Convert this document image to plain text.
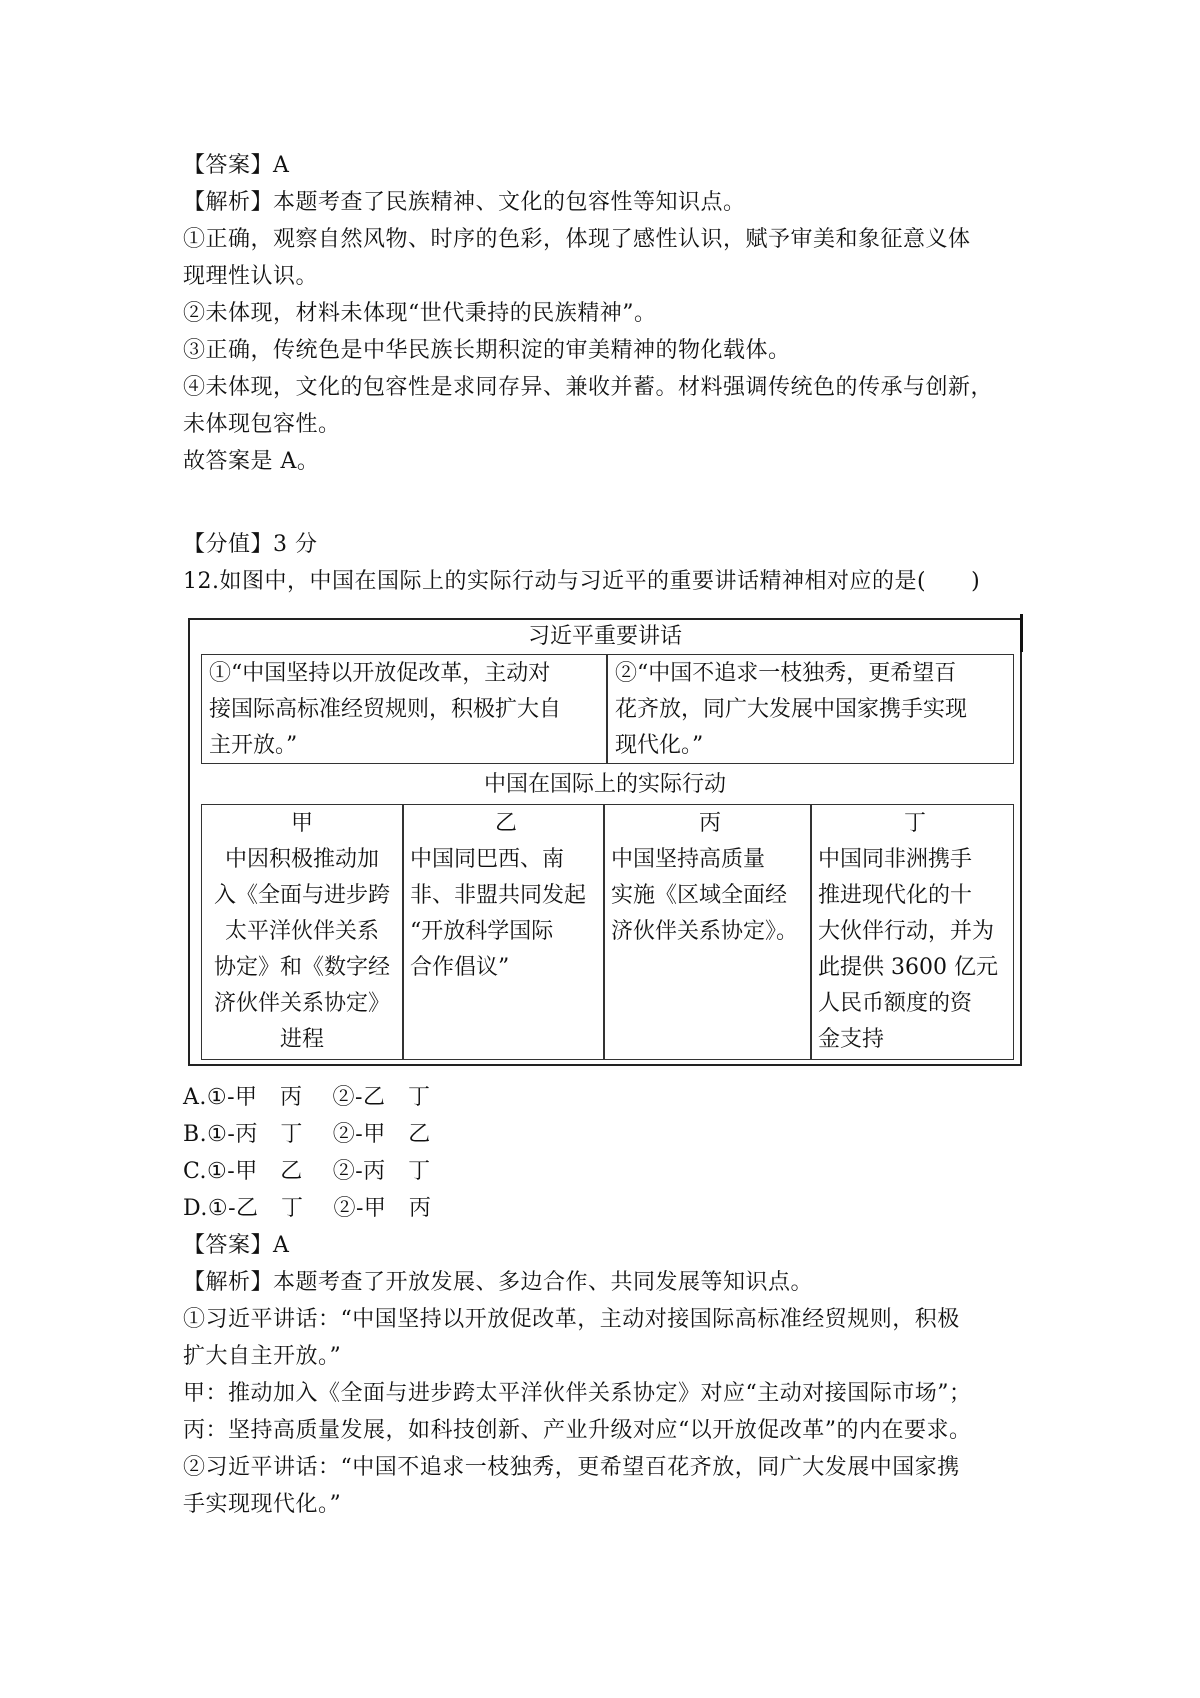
【答案】A
【解析】本题考查了民族精神、文化的包容性等知识点。
①正确，观察自然风物、时序的色彩，体现了感性认识，赋予审美和象征意义体
现理性认识。
②未体现，材料未体现“世代秉持的民族精神”。
③正确，传统色是中华民族长期积淀的审美精神的物化载体。
④未体现，文化的包容性是求同存异、兼收并蓄。材料强调传统色的传承与创新，
未体现包容性。
故答案是 A。
【分值】3 分
12.如图中，中国在国际上的实际行动与习近平的重要讲话精神相对应的是(　　)
习近平重要讲话
①“中国坚持以开放促改革，主动对
接国际高标准经贸规则，积极扩大自
主开放。”
②“中国不追求一枝独秀，更希望百
花齐放，同广大发展中国家携手实现
现代化。”
中国在国际上的实际行动
甲
中因积极推动加
入《全面与进步跨
太平洋伙伴关系
协定》和《数字经
济伙伴关系协定》
进程
乙
中国同巴西、南
非、非盟共同发起
“开放科学国际
合作倡议”
丙
中国坚持高质量
实施《区域全面经
济伙伴关系协定》。
丁
中国同非洲携手
推进现代化的十
大伙伴行动，并为
此提供 3600 亿元
人民币额度的资
金支持
A.①-甲　丙　 ②-乙　丁
B.①-丙　丁　 ②-甲　乙
C.①-甲　乙　 ②-丙　丁
D.①-乙　丁　 ②-甲　丙
【答案】A
【解析】本题考查了开放发展、多边合作、共同发展等知识点。
①习近平讲话：“中国坚持以开放促改革，主动对接国际高标准经贸规则，积极
扩大自主开放。”
甲：推动加入《全面与进步跨太平洋伙伴关系协定》对应“主动对接国际市场”；
丙：坚持高质量发展，如科技创新、产业升级对应“以开放促改革”的内在要求。
②习近平讲话：“中国不追求一枝独秀，更希望百花齐放，同广大发展中国家携
手实现现代化。”
